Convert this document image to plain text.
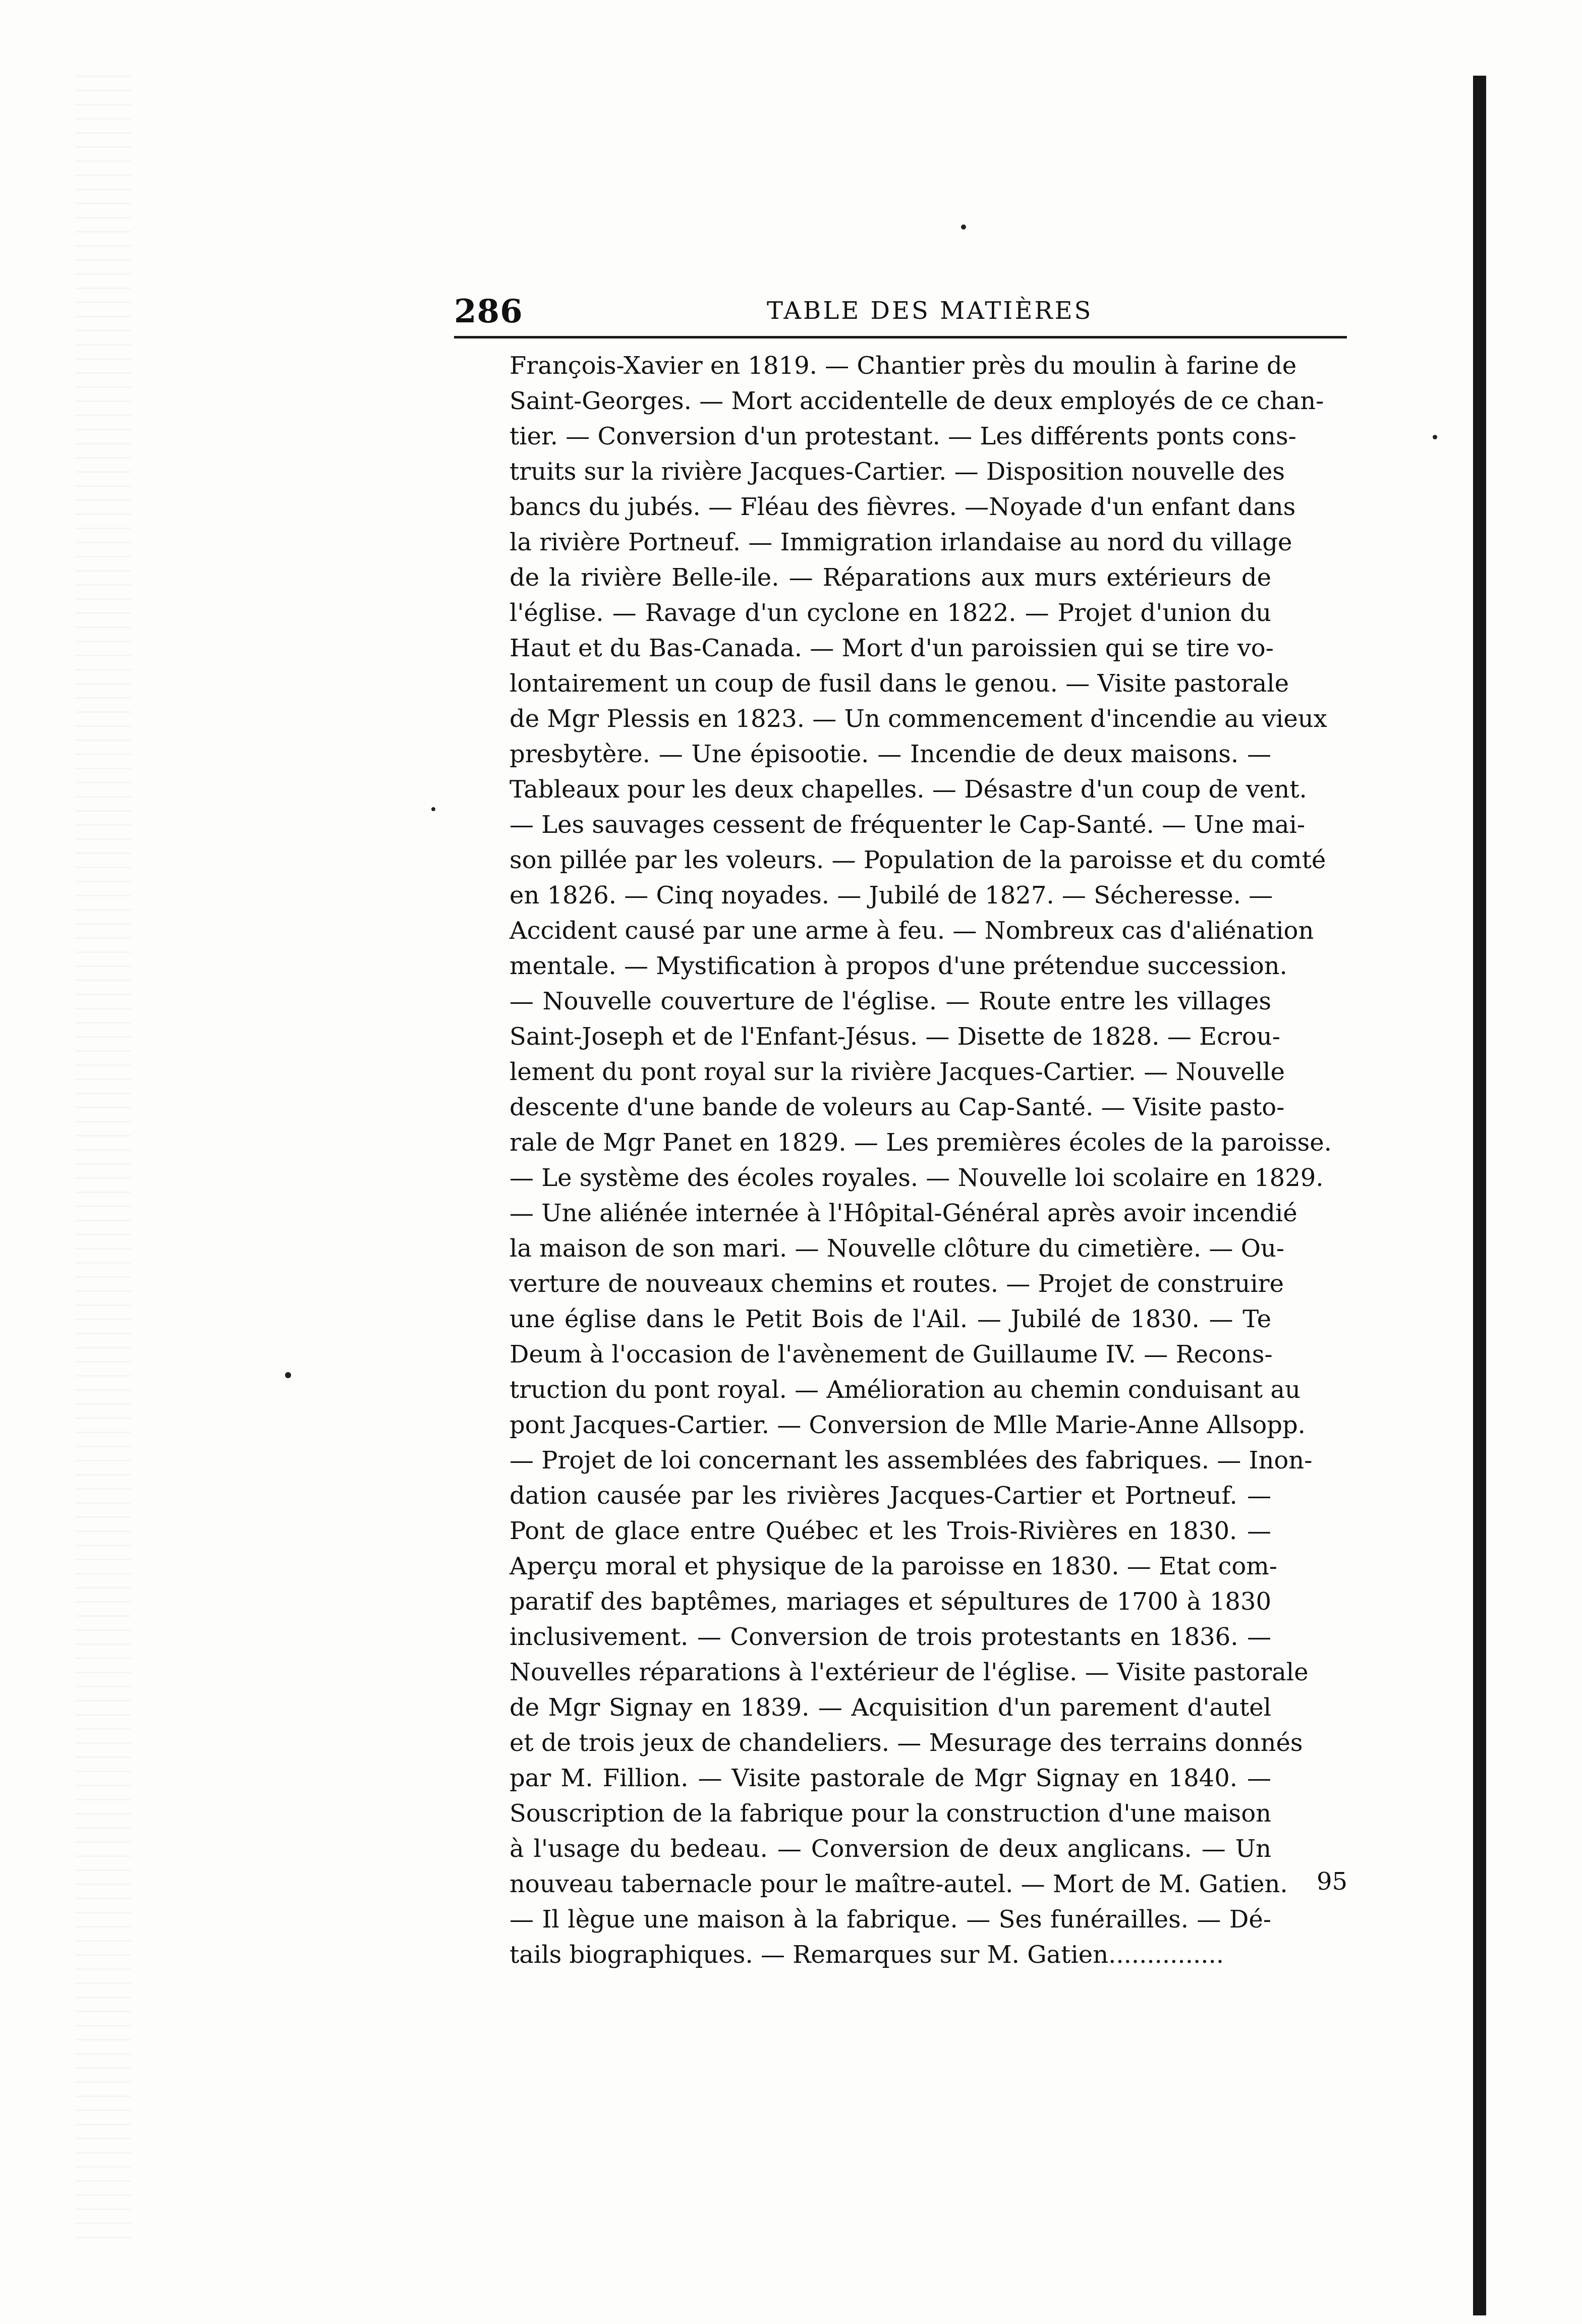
286	TABLE DES MATIÈRES
François-Xavier en 1819. — Chantier près du moulin à farine de
Saint-Georges. — Mort accidentelle de deux employés de ce chan-
tier. — Conversion d'un protestant. — Les différents ponts cons-
truits sur la rivière Jacques-Cartier. — Disposition nouvelle des
bancs du jubés. — Fléau des fièvres. —Noyade d'un enfant dans
la rivière Portneuf. — Immigration irlandaise au nord du village
de la rivière Belle-ile. — Réparations aux murs extérieurs de
l'église. — Ravage d'un cyclone en 1822. — Projet d'union du
Haut et du Bas-Canada. — Mort d'un paroissien qui se tire vo-
lontairement un coup de fusil dans le genou. — Visite pastorale
de Mgr Plessis en 1823. — Un commencement d'incendie au vieux
presbytère. — Une épisootie. — Incendie de deux maisons. —
Tableaux pour les deux chapelles. — Désastre d'un coup de vent.
— Les sauvages cessent de fréquenter le Cap-Santé. — Une mai-
son pillée par les voleurs. — Population de la paroisse et du comté
en 1826. — Cinq noyades. — Jubilé de 1827. — Sécheresse. —
Accident causé par une arme à feu. — Nombreux cas d'aliénation
mentale. — Mystification à propos d'une prétendue succession.
— Nouvelle couverture de l'église. — Route entre les villages
Saint-Joseph et de l'Enfant-Jésus. — Disette de 1828. — Ecrou-
lement du pont royal sur la rivière Jacques-Cartier. — Nouvelle
descente d'une bande de voleurs au Cap-Santé. — Visite pasto-
rale de Mgr Panet en 1829. — Les premières écoles de la paroisse.
— Le système des écoles royales. — Nouvelle loi scolaire en 1829.
— Une aliénée internée à l'Hôpital-Général après avoir incendié
la maison de son mari. — Nouvelle clôture du cimetière. — Ou-
verture de nouveaux chemins et routes. — Projet de construire
une église dans le Petit Bois de l'Ail. — Jubilé de 1830. — Te
Deum à l'occasion de l'avènement de Guillaume IV. — Recons-
truction du pont royal. — Amélioration au chemin conduisant au
pont Jacques-Cartier. — Conversion de Mlle Marie-Anne Allsopp.
— Projet de loi concernant les assemblées des fabriques. — Inon-
dation causée par les rivières Jacques-Cartier et Portneuf. —
Pont de glace entre Québec et les Trois-Rivières en 1830. —
Aperçu moral et physique de la paroisse en 1830. — Etat com-
paratif des baptêmes, mariages et sépultures de 1700 à 1830
inclusivement. — Conversion de trois protestants en 1836. —
Nouvelles réparations à l'extérieur de l'église. — Visite pastorale
de Mgr Signay en 1839. — Acquisition d'un parement d'autel
et de trois jeux de chandeliers. — Mesurage des terrains donnés
par M. Fillion. — Visite pastorale de Mgr Signay en 1840. —
Souscription de la fabrique pour la construction d'une maison
à l'usage du bedeau. — Conversion de deux anglicans. — Un
nouveau tabernacle pour le maître-autel. — Mort de M. Gatien.
— Il lègue une maison à la fabrique. — Ses funérailles. — Dé-
tails biographiques. — Remarques sur M. Gatien...............
95
